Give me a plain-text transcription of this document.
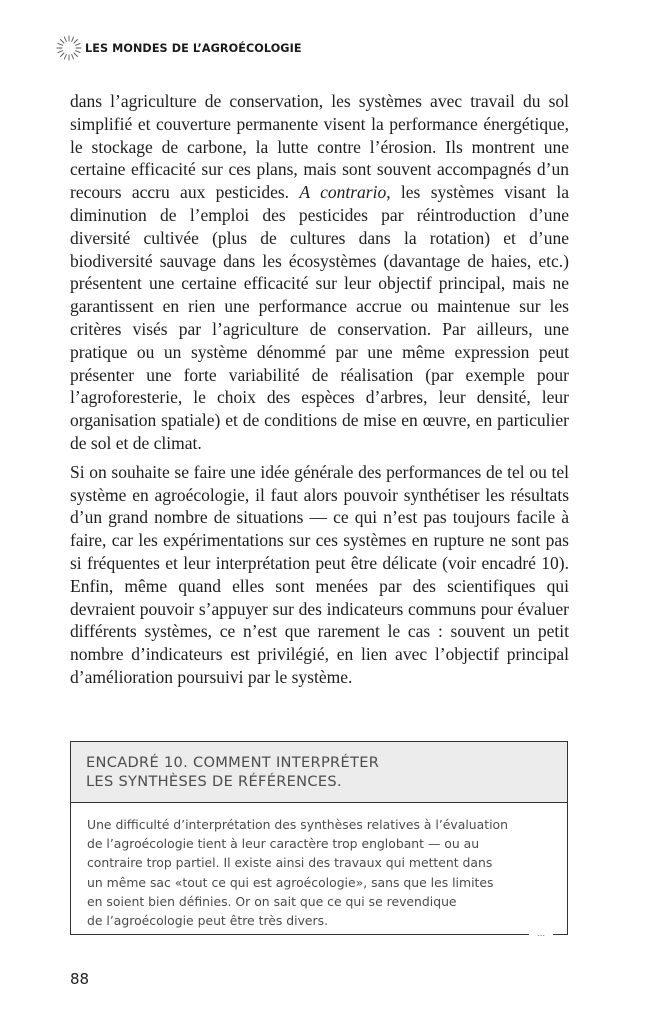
LES MONDES DE L’AGROÉCOLOGIE

dans l’agriculture de conservation, les systèmes avec travail du sol simplifié et couverture permanente visent la performance énergétique, le stockage de carbone, la lutte contre l’érosion. Ils montrent une certaine efficacité sur ces plans, mais sont souvent accompagnés d’un recours accru aux pesticides. A contrario, les systèmes visant la diminution de l’emploi des pesticides par réintroduction d’une diversité cultivée (plus de cultures dans la rotation) et d’une biodiversité sauvage dans les écosystèmes (davantage de haies, etc.) présentent une certaine efficacité sur leur objectif principal, mais ne garantissent en rien une performance accrue ou maintenue sur les critères visés par l’agriculture de conservation. Par ailleurs, une pratique ou un système dénommé par une même expression peut présenter une forte variabilité de réalisation (par exemple pour l’agroforesterie, le choix des espèces d’arbres, leur densité, leur organisation spatiale) et de conditions de mise en œuvre, en particulier de sol et de climat.

Si on souhaite se faire une idée générale des performances de tel ou tel système en agroécologie, il faut alors pouvoir synthétiser les résultats d’un grand nombre de situations — ce qui n’est pas toujours facile à faire, car les expérimentations sur ces systèmes en rupture ne sont pas si fréquentes et leur interprétation peut être délicate (voir encadré 10). Enfin, même quand elles sont menées par des scientifiques qui devraient pouvoir s’appuyer sur des indicateurs communs pour évaluer différents systèmes, ce n’est que rarement le cas : souvent un petit nombre d’indicateurs est privilégié, en lien avec l’objectif principal d’amélioration poursuivi par le système.

ENCADRÉ 10. COMMENT INTERPRÉTER
LES SYNTHÈSES DE RÉFÉRENCES.
Une difficulté d’interprétation des synthèses relatives à l’évaluation
de l’agroécologie tient à leur caractère trop englobant — ou au
contraire trop partiel. Il existe ainsi des travaux qui mettent dans
un même sac «tout ce qui est agroécologie», sans que les limites
en soient bien définies. Or on sait que ce qui se revendique
de l’agroécologie peut être très divers.
...
88
